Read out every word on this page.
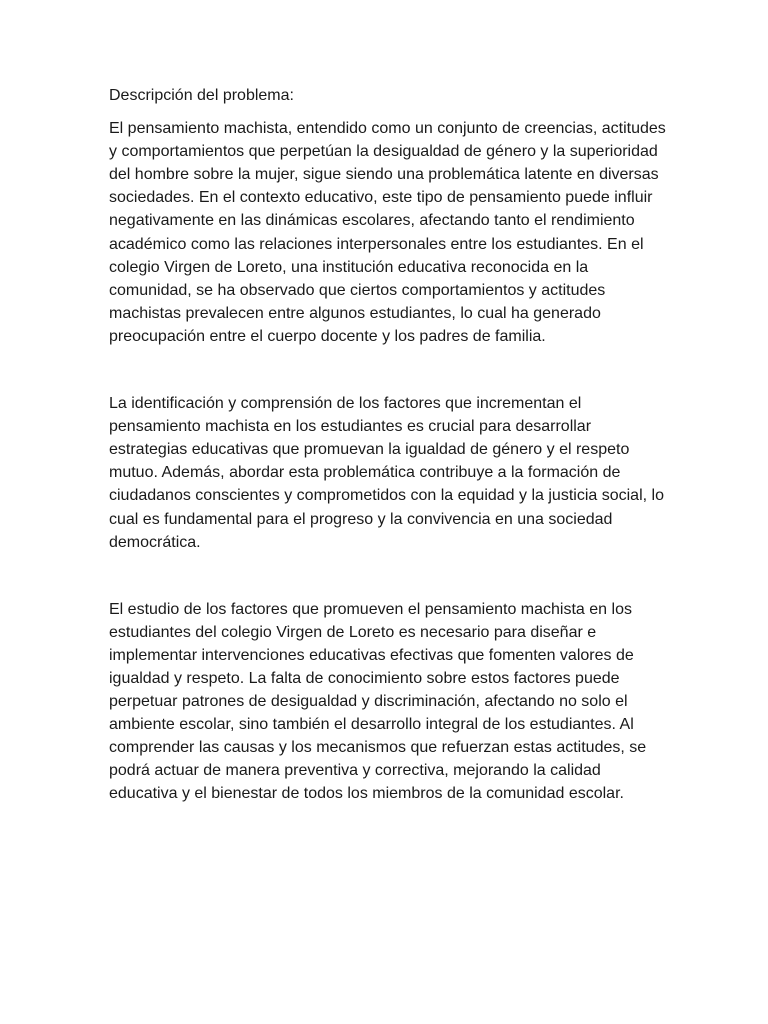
Descripción del problema:

El pensamiento machista, entendido como un conjunto de creencias, actitudes y comportamientos que perpetúan la desigualdad de género y la superioridad del hombre sobre la mujer, sigue siendo una problemática latente en diversas sociedades. En el contexto educativo, este tipo de pensamiento puede influir negativamente en las dinámicas escolares, afectando tanto el rendimiento académico como las relaciones interpersonales entre los estudiantes. En el colegio Virgen de Loreto, una institución educativa reconocida en la comunidad, se ha observado que ciertos comportamientos y actitudes machistas prevalecen entre algunos estudiantes, lo cual ha generado preocupación entre el cuerpo docente y los padres de familia.

La identificación y comprensión de los factores que incrementan el pensamiento machista en los estudiantes es crucial para desarrollar estrategias educativas que promuevan la igualdad de género y el respeto mutuo. Además, abordar esta problemática contribuye a la formación de ciudadanos conscientes y comprometidos con la equidad y la justicia social, lo cual es fundamental para el progreso y la convivencia en una sociedad democrática.

El estudio de los factores que promueven el pensamiento machista en los estudiantes del colegio Virgen de Loreto es necesario para diseñar e implementar intervenciones educativas efectivas que fomenten valores de igualdad y respeto. La falta de conocimiento sobre estos factores puede perpetuar patrones de desigualdad y discriminación, afectando no solo el ambiente escolar, sino también el desarrollo integral de los estudiantes. Al comprender las causas y los mecanismos que refuerzan estas actitudes, se podrá actuar de manera preventiva y correctiva, mejorando la calidad educativa y el bienestar de todos los miembros de la comunidad escolar.
